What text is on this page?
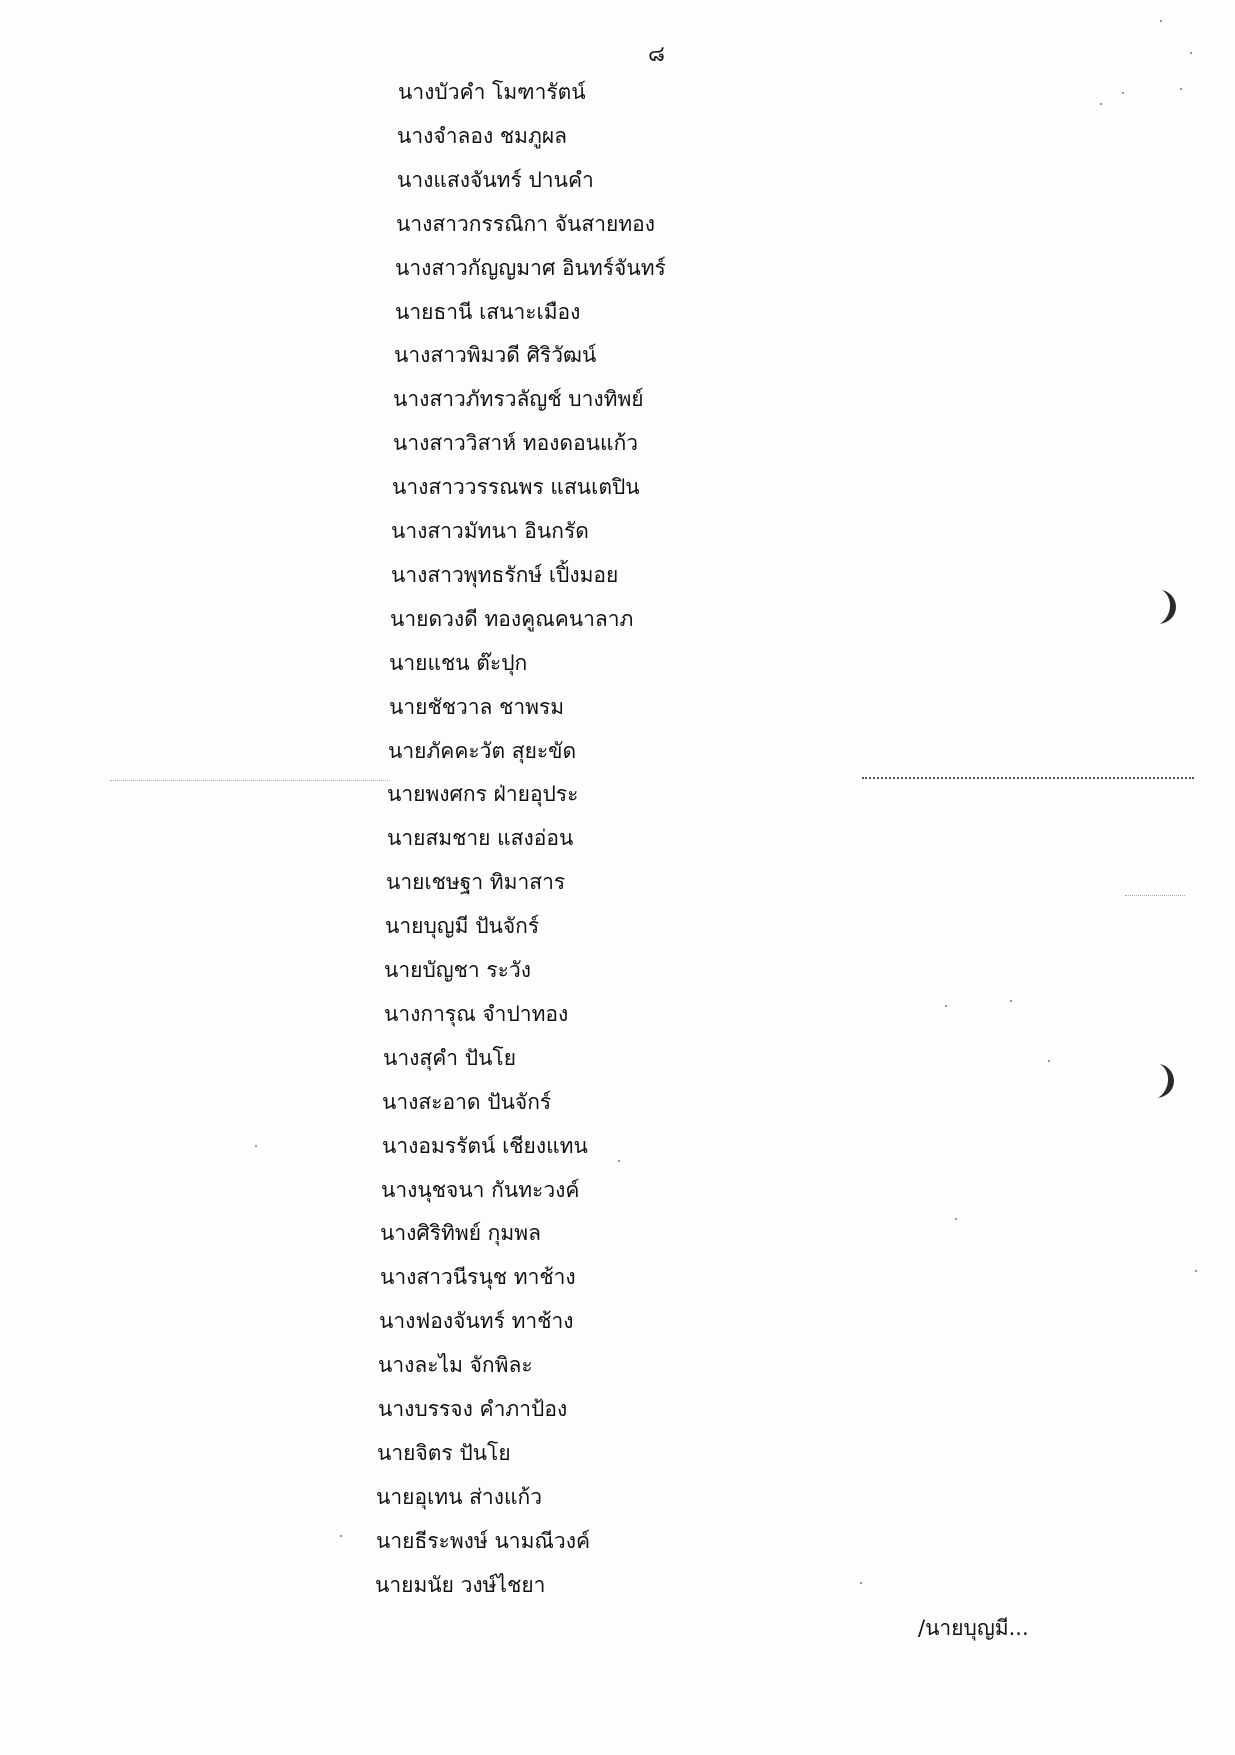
๘
นางบัวคำ โมฑารัตน์
นางจำลอง ชมภูผล
นางแสงจันทร์ ปานคำ
นางสาวกรรณิกา จันสายทอง
นางสาวกัญญมาศ อินทร์จันทร์
นายธานี เสนาะเมือง
นางสาวพิมวดี ศิริวัฒน์
นางสาวภัทรวลัญช์ บางทิพย์
นางสาววิสาห์ ทองดอนแก้ว
นางสาววรรณพร แสนเตปิน
นางสาวมัทนา อินกรัด
นางสาวพุทธรักษ์ เปิ้งมอย
นายดวงดี ทองคูณคนาลาภ
นายแชน ต๊ะปุก
นายชัชวาล ชาพรม
นายภัคคะวัต สุยะขัด
นายพงศกร ฝ่ายอุประ
นายสมชาย แสงอ่อน
นายเชษฐา ทิมาสาร
นายบุญมี ปันจักร์
นายบัญชา ระวัง
นางการุณ จำปาทอง
นางสุคำ ปันโย
นางสะอาด ปันจักร์
นางอมรรัตน์ เชียงแทน
นางนุชจนา กันทะวงค์
นางศิริทิพย์ กุมพล
นางสาวนีรนุช ทาช้าง
นางฟองจันทร์ ทาช้าง
นางละไม จักพิละ
นางบรรจง คำภาป้อง
นายจิตร ปันโย
นายอุเทน ส่างแก้ว
นายธีระพงษ์ นามณีวงค์
นายมนัย วงษ์ไชยา
/นายบุญมี...
